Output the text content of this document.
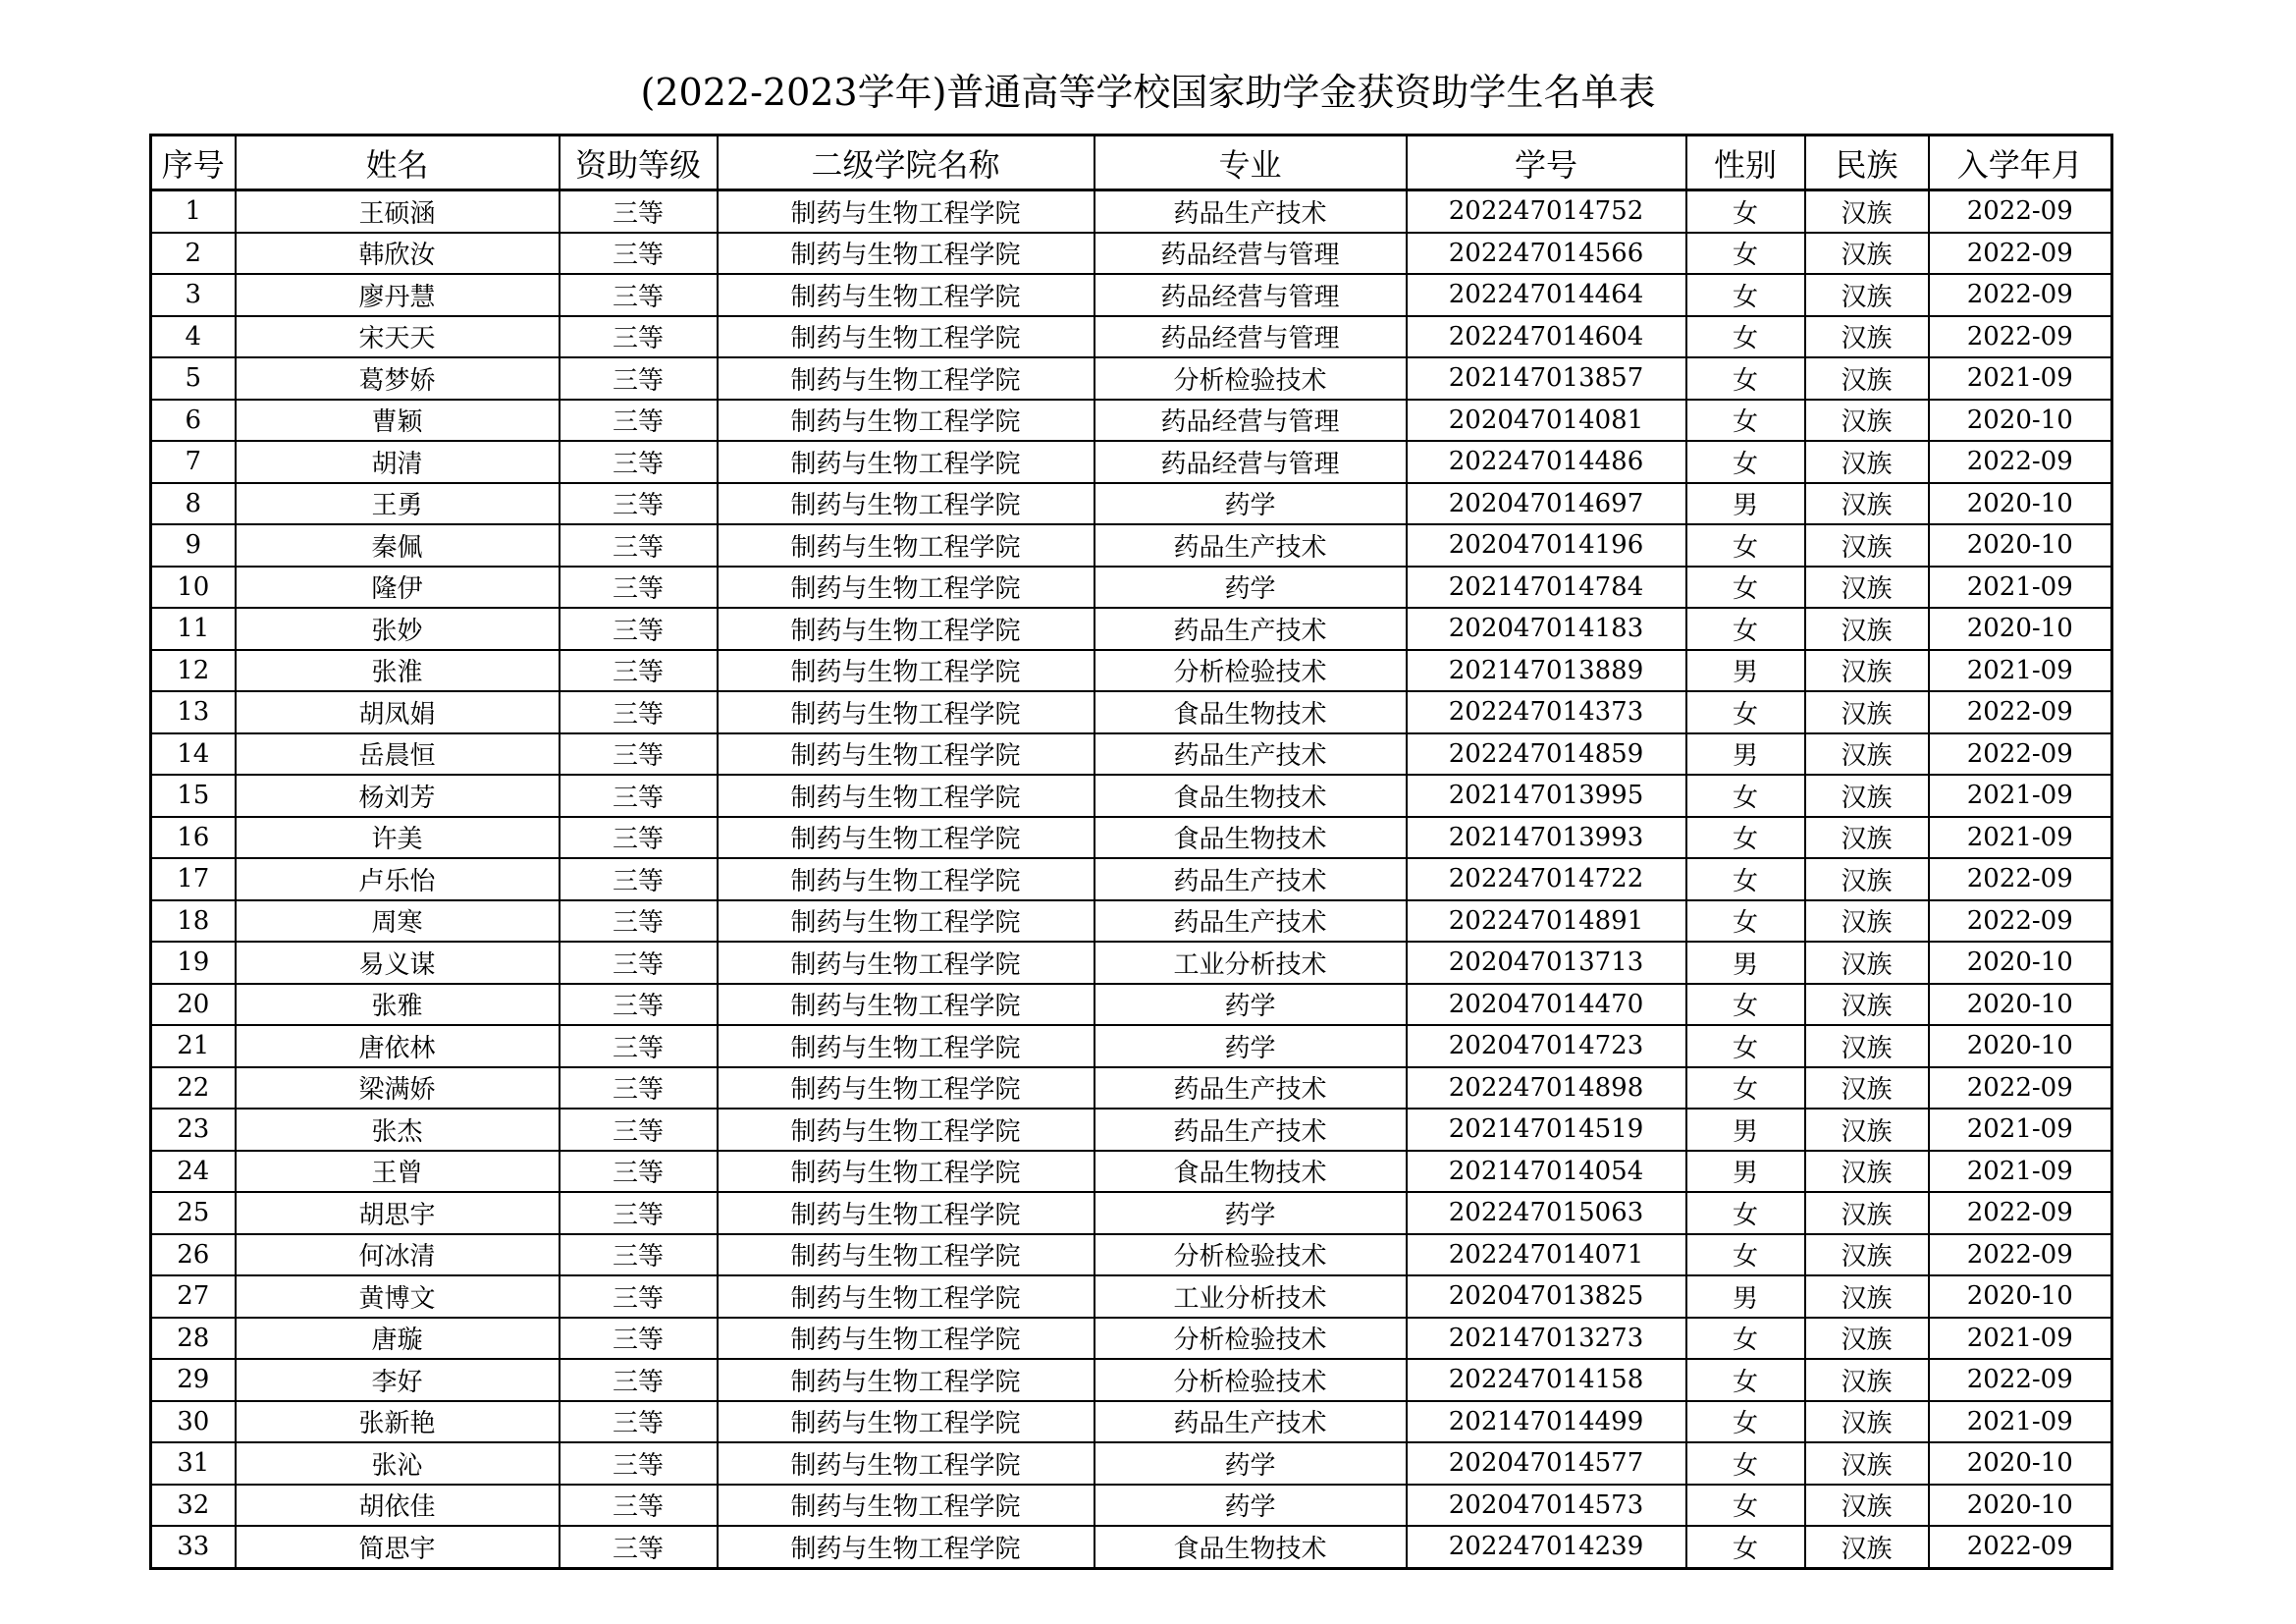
(2022-2023学年)普通高等学校国家助学金获资助学生名单表
序号	姓名	资助等级	二级学院名称	专业	学号	性别	民族	入学年月
1	王硕涵	三等	制药与生物工程学院	药品生产技术	202247014752	女	汉族	2022-09
2	韩欣汝	三等	制药与生物工程学院	药品经营与管理	202247014566	女	汉族	2022-09
3	廖丹慧	三等	制药与生物工程学院	药品经营与管理	202247014464	女	汉族	2022-09
4	宋天天	三等	制药与生物工程学院	药品经营与管理	202247014604	女	汉族	2022-09
5	葛梦娇	三等	制药与生物工程学院	分析检验技术	202147013857	女	汉族	2021-09
6	曹颖	三等	制药与生物工程学院	药品经营与管理	202047014081	女	汉族	2020-10
7	胡清	三等	制药与生物工程学院	药品经营与管理	202247014486	女	汉族	2022-09
8	王勇	三等	制药与生物工程学院	药学	202047014697	男	汉族	2020-10
9	秦佩	三等	制药与生物工程学院	药品生产技术	202047014196	女	汉族	2020-10
10	隆伊	三等	制药与生物工程学院	药学	202147014784	女	汉族	2021-09
11	张妙	三等	制药与生物工程学院	药品生产技术	202047014183	女	汉族	2020-10
12	张淮	三等	制药与生物工程学院	分析检验技术	202147013889	男	汉族	2021-09
13	胡凤娟	三等	制药与生物工程学院	食品生物技术	202247014373	女	汉族	2022-09
14	岳晨恒	三等	制药与生物工程学院	药品生产技术	202247014859	男	汉族	2022-09
15	杨刘芳	三等	制药与生物工程学院	食品生物技术	202147013995	女	汉族	2021-09
16	许美	三等	制药与生物工程学院	食品生物技术	202147013993	女	汉族	2021-09
17	卢乐怡	三等	制药与生物工程学院	药品生产技术	202247014722	女	汉族	2022-09
18	周寒	三等	制药与生物工程学院	药品生产技术	202247014891	女	汉族	2022-09
19	易义谋	三等	制药与生物工程学院	工业分析技术	202047013713	男	汉族	2020-10
20	张雅	三等	制药与生物工程学院	药学	202047014470	女	汉族	2020-10
21	唐依林	三等	制药与生物工程学院	药学	202047014723	女	汉族	2020-10
22	梁满娇	三等	制药与生物工程学院	药品生产技术	202247014898	女	汉族	2022-09
23	张杰	三等	制药与生物工程学院	药品生产技术	202147014519	男	汉族	2021-09
24	王曾	三等	制药与生物工程学院	食品生物技术	202147014054	男	汉族	2021-09
25	胡思宇	三等	制药与生物工程学院	药学	202247015063	女	汉族	2022-09
26	何冰清	三等	制药与生物工程学院	分析检验技术	202247014071	女	汉族	2022-09
27	黄博文	三等	制药与生物工程学院	工业分析技术	202047013825	男	汉族	2020-10
28	唐璇	三等	制药与生物工程学院	分析检验技术	202147013273	女	汉族	2021-09
29	李好	三等	制药与生物工程学院	分析检验技术	202247014158	女	汉族	2022-09
30	张新艳	三等	制药与生物工程学院	药品生产技术	202147014499	女	汉族	2021-09
31	张沁	三等	制药与生物工程学院	药学	202047014577	女	汉族	2020-10
32	胡依佳	三等	制药与生物工程学院	药学	202047014573	女	汉族	2020-10
33	简思宇	三等	制药与生物工程学院	食品生物技术	202247014239	女	汉族	2022-09
